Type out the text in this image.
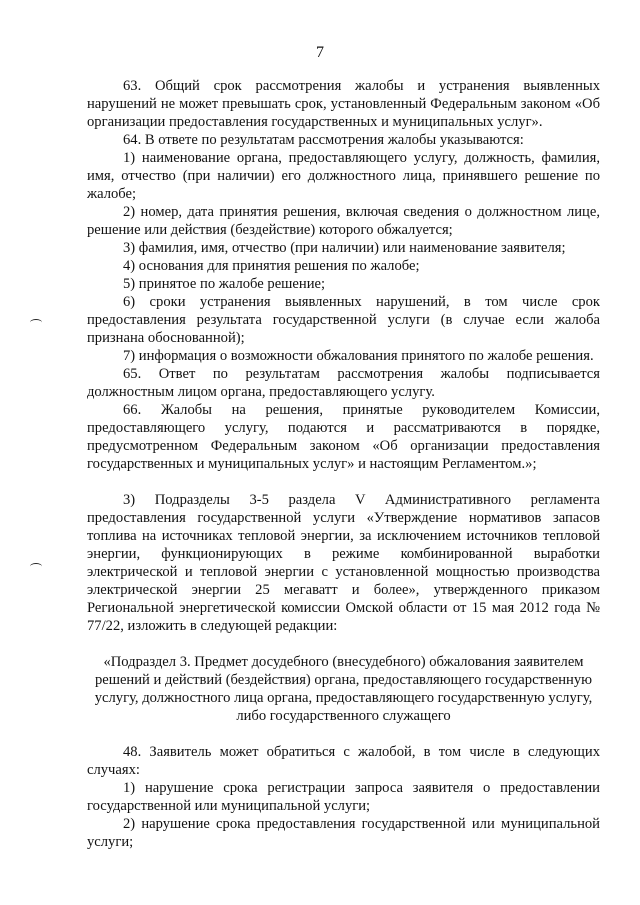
7

63. Общий срок рассмотрения жалобы и устранения выявленных нарушений не может превышать срок, установленный Федеральным законом «Об организации предоставления государственных и муниципальных услуг».

64. В ответе по результатам рассмотрения жалобы указываются:

1) наименование органа, предоставляющего услугу, должность, фамилия, имя, отчество (при наличии) его должностного лица, принявшего решение по жалобе;

2) номер, дата принятия решения, включая сведения о должностном лице, решение или действия (бездействие) которого обжалуется;

3) фамилия, имя, отчество (при наличии) или наименование заявителя;

4) основания для принятия решения по жалобе;

5) принятое по жалобе решение;

6) сроки устранения выявленных нарушений, в том числе срок предоставления результата государственной услуги (в случае если жалоба признана обоснованной);

7) информация о возможности обжалования принятого по жалобе решения.

65. Ответ по результатам рассмотрения жалобы подписывается должностным лицом органа, предоставляющего услугу.

66. Жалобы на решения, принятые руководителем Комиссии, предоставляющего услугу, подаются и рассматриваются в порядке, предусмотренном Федеральным законом «Об организации предоставления государственных и муниципальных услуг» и настоящим Регламентом.»;

3) Подразделы 3-5 раздела V Административного регламента предоставления государственной услуги «Утверждение нормативов запасов топлива на источниках тепловой энергии, за исключением источников тепловой энергии, функционирующих в режиме комбинированной выработки электрической и тепловой энергии с установленной мощностью производства электрической энергии 25 мегаватт и более», утвержденного приказом Региональной энергетической комиссии Омской области от 15 мая 2012 года № 77/22, изложить в следующей редакции:

«Подраздел 3. Предмет досудебного (внесудебного) обжалования заявителем решений и действий (бездействия) органа, предоставляющего государственную услугу, должностного лица органа, предоставляющего государственную услугу, либо государственного служащего

48. Заявитель может обратиться с жалобой, в том числе в следующих случаях:

1) нарушение срока регистрации запроса заявителя о предоставлении государственной или муниципальной услуги;

2) нарушение срока предоставления государственной или муниципальной услуги;
